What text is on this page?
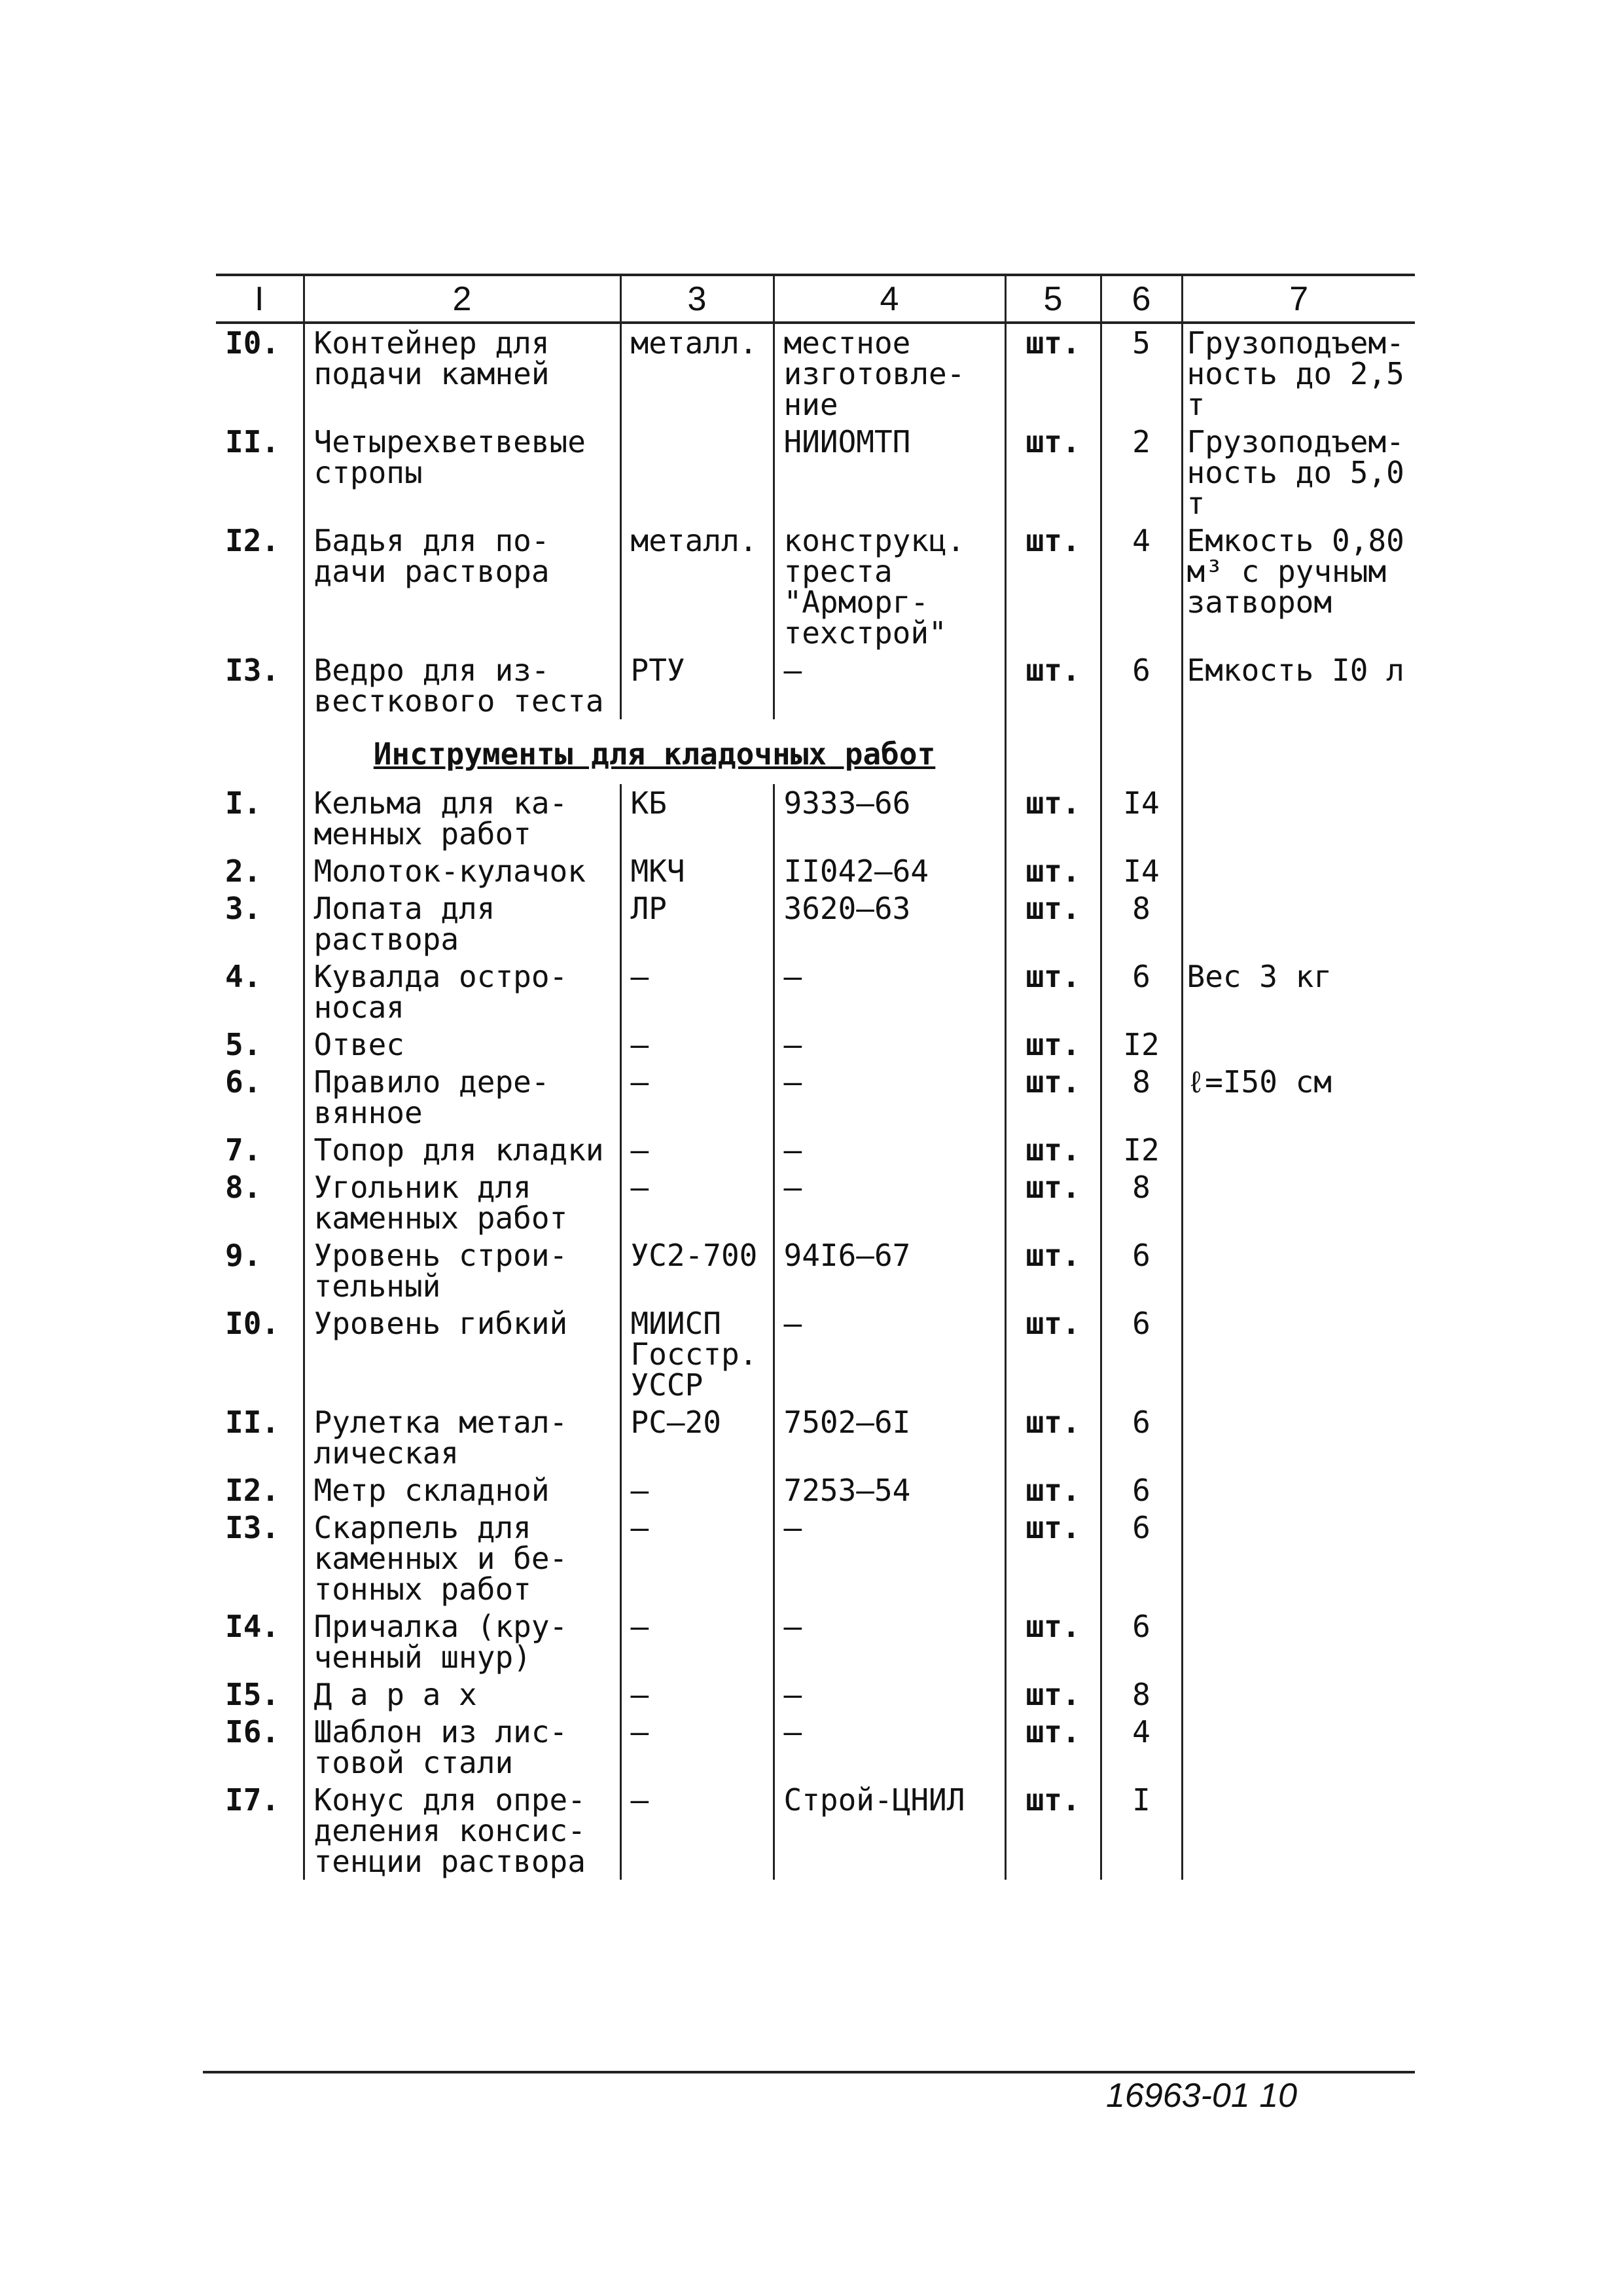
I	2	3	4	5	6	7
I0.	Контейнер для подачи камней	металл.	местное изготовле-ние	шт.	5	Грузоподъем-ность до 2,5 т
II.	Четырехветвевые стропы		НИИОМТП	шт.	2	Грузоподъем-ность до 5,0 т
I2.	Бадья для по-дачи раствора	металл.	конструкц. треста "Арморг-техстрой"	шт.	4	Емкость 0,80 м³ с ручным затвором
I3.	Ведро для из-весткового теста	РТУ	–	шт.	6	Емкость I0 л
	Инструменты для кладочных работ					
I.	Кельма для ка-менных работ	КБ	9333–66	шт.	I4	
2.	Молоток-кулачок	МКЧ	II042–64	шт.	I4	
3.	Лопата для раствора	ЛР	3620–63	шт.	8	
4.	Кувалда остро-носая	–	–	шт.	6	Вес 3 кг
5.	Отвес	–	–	шт.	I2	
6.	Правило дере-вянное	–	–	шт.	8	ℓ=I50 см
7.	Топор для кладки	–	–	шт.	I2	
8.	Угольник для каменных работ	–	–	шт.	8	
9.	Уровень строи-тельный	УС2-700	94I6–67	шт.	6	
I0.	Уровень гибкий	МИИСП Госстр. УССР	–	шт.	6	
II.	Рулетка метал-лическая	РС–20	7502–6I	шт.	6	
I2.	Метр складной	–	7253–54	шт.	6	
I3.	Скарпель для каменных и бе-тонных работ	–	–	шт.	6	
I4.	Причалка (кру-ченный шнур)	–	–	шт.	6	
I5.	Д а р а х	–	–	шт.	8	
I6.	Шаблон из лис-товой стали	–	–	шт.	4	
I7.	Конус для опре-деления консис-тенции раствора	–	Строй-ЦНИЛ	шт.	I	
16963-01 10
